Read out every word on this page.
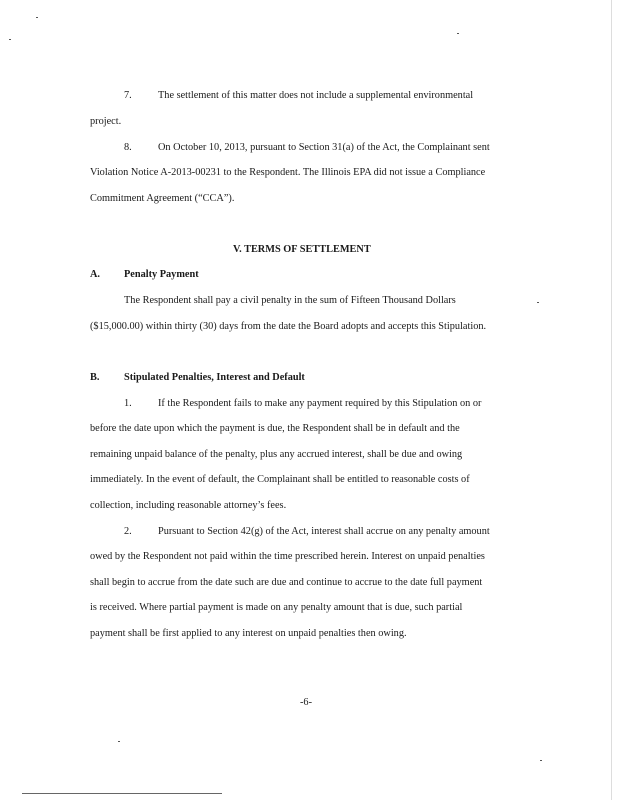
7.	The settlement of this matter does not include a supplemental environmental
project.
8.	On October 10, 2013, pursuant to Section 31(a) of the Act, the Complainant sent
Violation Notice A-2013-00231 to the Respondent. The Illinois EPA did not issue a Compliance
Commitment Agreement (“CCA”).
V. TERMS OF SETTLEMENT
A. Penalty Payment
The Respondent shall pay a civil penalty in the sum of Fifteen Thousand Dollars
($15,000.00) within thirty (30) days from the date the Board adopts and accepts this Stipulation.
B. Stipulated Penalties, Interest and Default
1.	If the Respondent fails to make any payment required by this Stipulation on or
before the date upon which the payment is due, the Respondent shall be in default and the
remaining unpaid balance of the penalty, plus any accrued interest, shall be due and owing
immediately. In the event of default, the Complainant shall be entitled to reasonable costs of
collection, including reasonable attorney’s fees.
2.	Pursuant to Section 42(g) of the Act, interest shall accrue on any penalty amount
owed by the Respondent not paid within the time prescribed herein. Interest on unpaid penalties
shall begin to accrue from the date such are due and continue to accrue to the date full payment
is received. Where partial payment is made on any penalty amount that is due, such partial
payment shall be first applied to any interest on unpaid penalties then owing.
-6-
